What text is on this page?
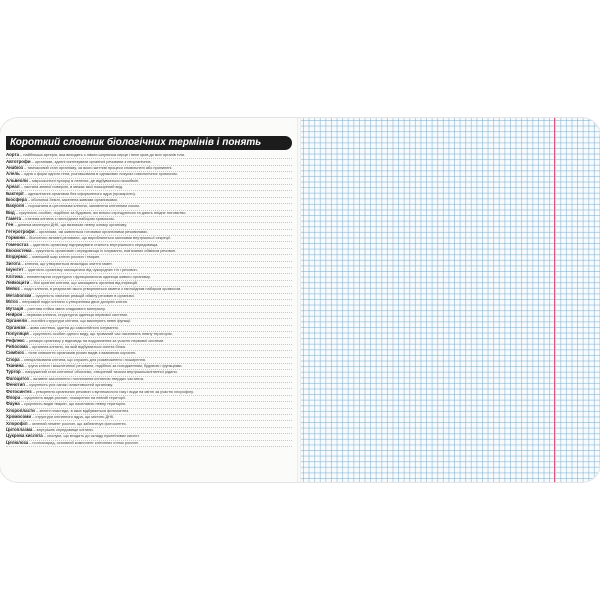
Короткий словник біологічних термінів і понять
Аорта – найбільша артерія, яка виходить з лівого шлуночка серця і несе кров до всіх органів тіла.
Автотрофи – організми, здатні синтезувати органічні речовини з неорганічних.
Анабіоз – тимчасовий стан організму, за якого життєві процеси сповільнені або припинені.
Алель – одна з форм одного гена, розташована в однакових локусах гомологічних хромосом.
Альвеоли – мікроскопічні пухирці в легенях, де відбувається газообмін.
Ареал – частина земної поверхні, в межах якої поширений вид.
Бактерії – одноклітинні організми без оформленого ядра (прокаріоти).
Біосфера – оболонка Землі, заселена живими організмами.
Вакуоля – порожнина в цитоплазмі клітини, заповнена клітинним соком.
Вид – сукупність особин, подібних за будовою, які вільно схрещуються та дають плідне потомство.
Гамета – статева клітина з гаплоїдним набором хромосом.
Ген – ділянка молекули ДНК, що визначає певну ознаку організму.
Гетеротрофи – організми, які живляться готовими органічними речовинами.
Гормони – біологічно активні речовини, що виробляються залозами внутрішньої секреції.
Гомеостаз – здатність організму підтримувати сталість внутрішнього середовища.
Екосистема – сукупність організмів і середовища їх існування, пов'язаних обміном речовин.
Епідерміс – зовнішній шар клітин рослин і тварин.
Зигота – клітина, що утворюється внаслідок злиття гамет.
Імунітет – здатність організму захищатися від чужорідних тіл і речовин.
Клітина – елементарна структурна і функціональна одиниця живого організму.
Лейкоцити – білі кров'яні клітини, що захищають організм від інфекцій.
Мейоз – поділ клітини, в результаті якого утворюються гамети з гаплоїдним набором хромосом.
Метаболізм – сукупність хімічних реакцій обміну речовин в організмі.
Мітоз – непрямий поділ клітини з утворенням двох дочірніх клітин.
Мутація – раптова стійка зміна спадкового матеріалу.
Нейрон – нервова клітина, структурна одиниця нервової системи.
Органели – постійні структури клітини, що виконують певні функції.
Організм – жива система, здатна до самостійного існування.
Популяція – сукупність особин одного виду, що тривалий час населяють певну територію.
Рефлекс – реакція організму у відповідь на подразнення за участю нервової системи.
Рибосома – органела клітини, на якій відбувається синтез білка.
Симбіоз – тісне співжиття організмів різних видів з взаємною користю.
Спора – спеціалізована клітина, що служить для розмноження і поширення.
Тканина – група клітин і міжклітинної речовини, подібних за походженням, будовою і функціями.
Тургор – напружений стан клітинної оболонки, створений тиском внутрішньоклітинної рідини.
Фагоцитоз – активне захоплення і поглинання клітиною твердих частинок.
Фенотип – сукупність усіх ознак і властивостей організму.
Фотосинтез – утворення органічних речовин з вуглекислого газу і води на світлі за участю хлорофілу.
Флора – сукупність видів рослин, поширених на певній території.
Фауна – сукупність видів тварин, що населяють певну територію.
Хлоропласти – зелені пластиди, в яких відбувається фотосинтез.
Хромосоми – структури клітинного ядра, що містять ДНК.
Хлорофіл – зелений пігмент рослин, що забезпечує фотосинтез.
Цитоплазма – внутрішнє середовище клітини.
Цукрова кислота – сполуки, що входять до складу нуклеїнових кислот.
Целюлоза – полісахарид, основний компонент клітинних стінок рослин.
